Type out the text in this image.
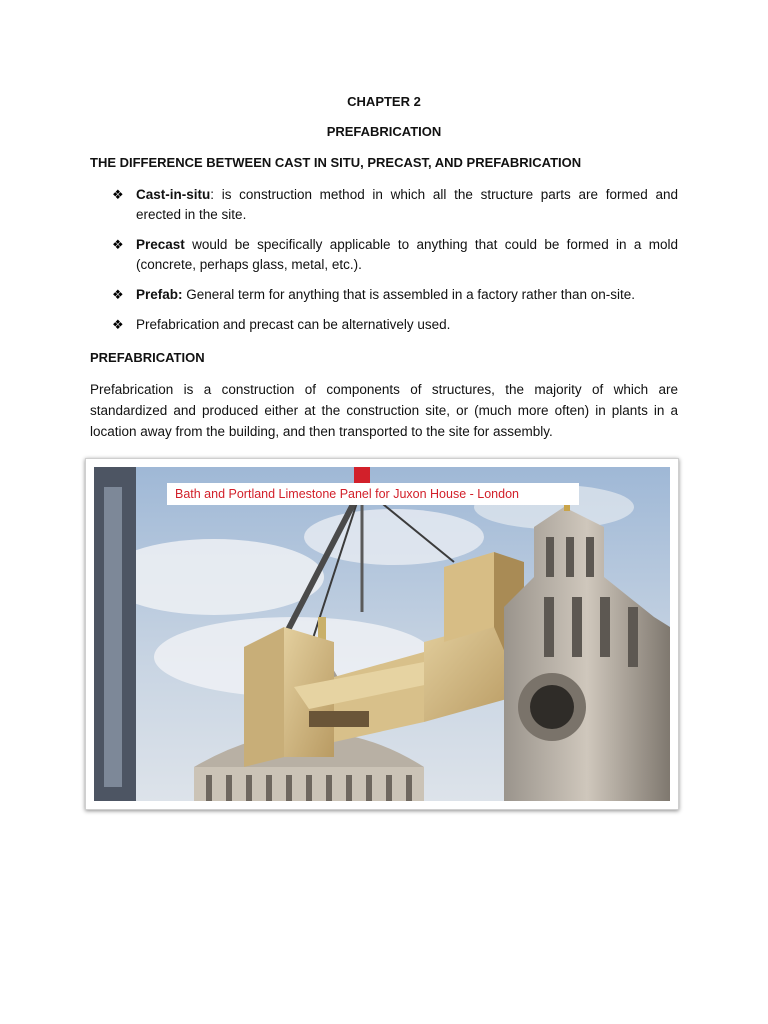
CHAPTER 2
PREFABRICATION
THE DIFFERENCE BETWEEN CAST IN SITU, PRECAST, AND PREFABRICATION
❖ Cast-in-situ: is construction method in which all the structure parts are formed and erected in the site.
❖ Precast would be specifically applicable to anything that could be formed in a mold (concrete, perhaps glass, metal, etc.).
❖ Prefab: General term for anything that is assembled in a factory rather than on-site.
❖ Prefabrication and precast can be alternatively used.
PREFABRICATION

Prefabrication is a construction of components of structures, the majority of which are standardized and produced either at the construction site, or (much more often) in plants in a location away from the building, and then transported to the site for assembly.

Bath and Portland Limestone Panel for Juxon House - London
